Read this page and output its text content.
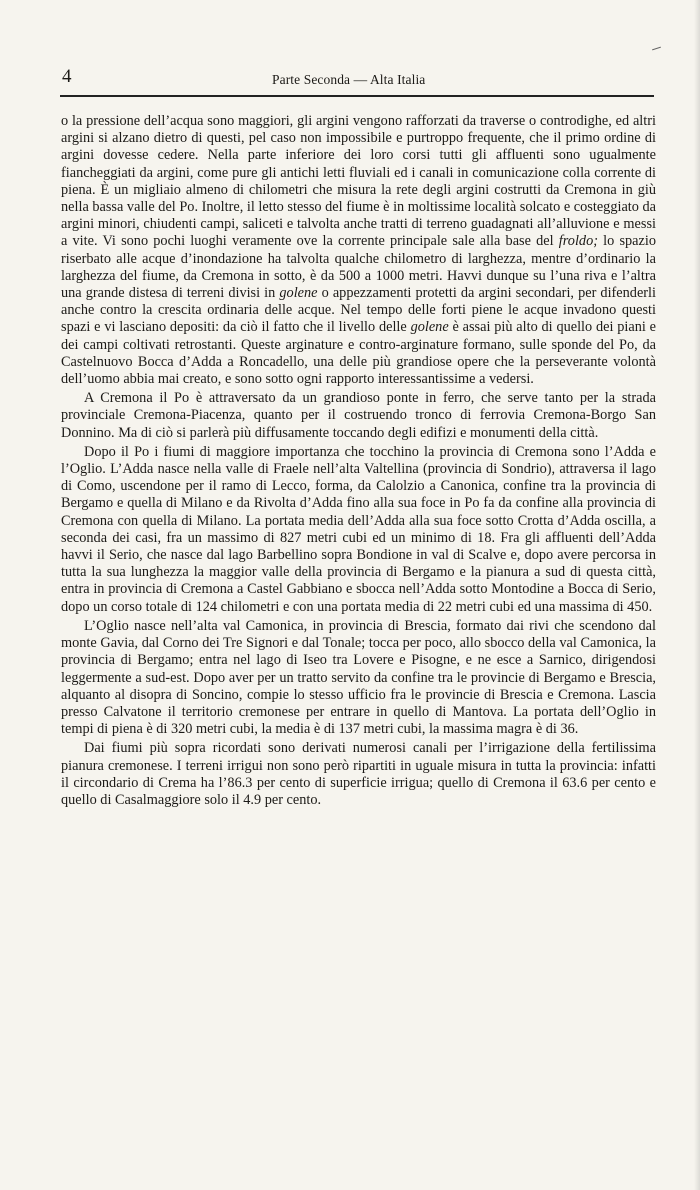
4	Parte Seconda — Alta Italia

o la pressione dell’acqua sono maggiori, gli argini vengono rafforzati da traverse o controdighe, ed altri argini si alzano dietro di questi, pel caso non impossibile e purtroppo frequente, che il primo ordine di argini dovesse cedere. Nella parte inferiore dei loro corsi tutti gli affluenti sono ugualmente fiancheggiati da argini, come pure gli antichi letti fluviali ed i canali in comunicazione colla corrente di piena. È un migliaio almeno di chilometri che misura la rete degli argini costrutti da Cremona in giù nella bassa valle del Po. Inoltre, il letto stesso del fiume è in moltissime località solcato e costeggiato da argini minori, chiudenti campi, saliceti e talvolta anche tratti di terreno guadagnati all’alluvione e messi a vite. Vi sono pochi luoghi veramente ove la corrente principale sale alla base del froldo; lo spazio riserbato alle acque d’inondazione ha talvolta qualche chilometro di larghezza, mentre d’ordinario la larghezza del fiume, da Cremona in sotto, è da 500 a 1000 metri. Havvi dunque su l’una riva e l’altra una grande distesa di terreni divisi in golene o appezzamenti protetti da argini secondari, per difenderli anche contro la crescita ordinaria delle acque. Nel tempo delle forti piene le acque invadono questi spazi e vi lasciano depositi: da ciò il fatto che il livello delle golene è assai più alto di quello dei piani e dei campi coltivati retrostanti. Queste arginature e contro-arginature formano, sulle sponde del Po, da Castelnuovo Bocca d’Adda a Roncadello, una delle più grandiose opere che la perseverante volontà dell’uomo abbia mai creato, e sono sotto ogni rapporto interessantissime a vedersi.

A Cremona il Po è attraversato da un grandioso ponte in ferro, che serve tanto per la strada provinciale Cremona-Piacenza, quanto per il costruendo tronco di ferrovia Cremona-Borgo San Donnino. Ma di ciò si parlerà più diffusamente toccando degli edifizi e monumenti della città.

Dopo il Po i fiumi di maggiore importanza che tocchino la provincia di Cremona sono l’Adda e l’Oglio. L’Adda nasce nella valle di Fraele nell’alta Valtellina (provincia di Sondrio), attraversa il lago di Como, uscendone per il ramo di Lecco, forma, da Calolzio a Canonica, confine tra la provincia di Bergamo e quella di Milano e da Rivolta d’Adda fino alla sua foce in Po fa da confine alla provincia di Cremona con quella di Milano. La portata media dell’Adda alla sua foce sotto Crotta d’Adda oscilla, a seconda dei casi, fra un massimo di 827 metri cubi ed un minimo di 18. Fra gli affluenti dell’Adda havvi il Serio, che nasce dal lago Barbellino sopra Bondione in val di Scalve e, dopo avere percorsa in tutta la sua lunghezza la maggior valle della provincia di Bergamo e la pianura a sud di questa città, entra in provincia di Cremona a Castel Gabbiano e sbocca nell’Adda sotto Montodine a Bocca di Serio, dopo un corso totale di 124 chilometri e con una portata media di 22 metri cubi ed una massima di 450.

L’Oglio nasce nell’alta val Camonica, in provincia di Brescia, formato dai rivi che scendono dal monte Gavia, dal Corno dei Tre Signori e dal Tonale; tocca per poco, allo sbocco della val Camonica, la provincia di Bergamo; entra nel lago di Iseo tra Lovere e Pisogne, e ne esce a Sarnico, dirigendosi leggermente a sud-est. Dopo aver per un tratto servito da confine tra le provincie di Bergamo e Brescia, alquanto al disopra di Soncino, compie lo stesso ufficio fra le provincie di Brescia e Cremona. Lascia presso Calvatone il territorio cremonese per entrare in quello di Mantova. La portata dell’Oglio in tempi di piena è di 320 metri cubi, la media è di 137 metri cubi, la massima magra è di 36.

Dai fiumi più sopra ricordati sono derivati numerosi canali per l’irrigazione della fertilissima pianura cremonese. I terreni irrigui non sono però ripartiti in uguale misura in tutta la provincia: infatti il circondario di Crema ha l’86.3 per cento di superficie irrigua; quello di Cremona il 63.6 per cento e quello di Casalmaggiore solo il 4.9 per cento.
